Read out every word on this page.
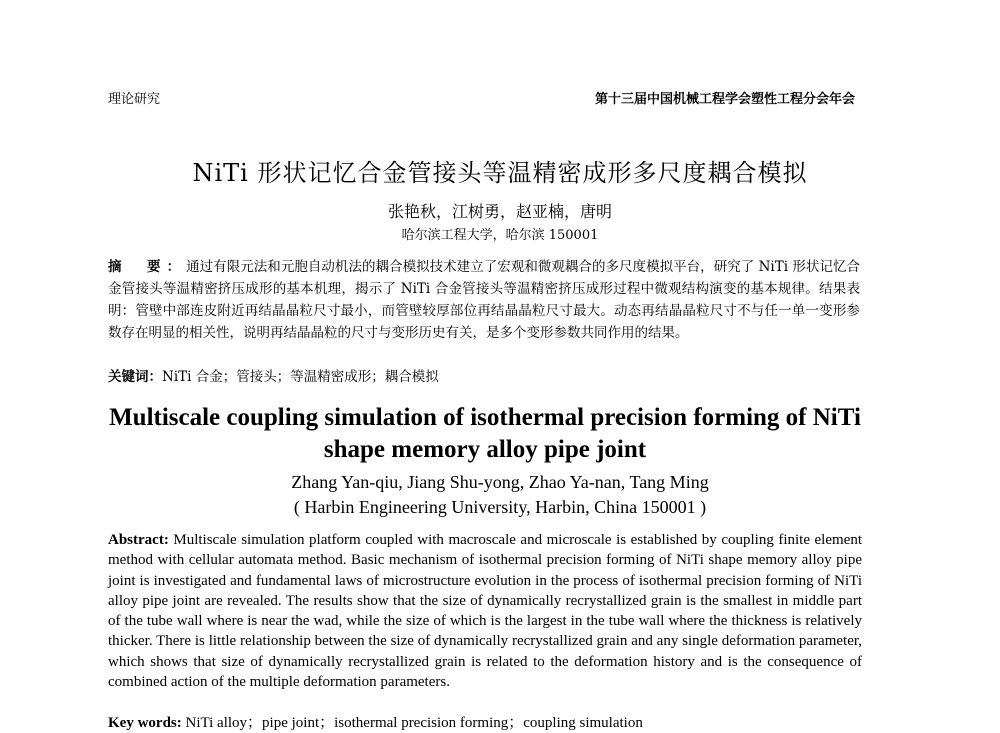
理论研究	第十三届中国机械工程学会塑性工程分会年会
NiTi 形状记忆合金管接头等温精密成形多尺度耦合模拟
张艳秋，江树勇，赵亚楠，唐明
哈尔滨工程大学，哈尔滨 150001
摘　要：通过有限元法和元胞自动机法的耦合模拟技术建立了宏观和微观耦合的多尺度模拟平台，研究了 NiTi 形状记忆合金管接头等温精密挤压成形的基本机理，揭示了 NiTi 合金管接头等温精密挤压成形过程中微观结构演变的基本规律。结果表明：管壁中部连皮附近再结晶晶粒尺寸最小，而管壁较厚部位再结晶晶粒尺寸最大。动态再结晶晶粒尺寸不与任一单一变形参数存在明显的相关性，说明再结晶晶粒的尺寸与变形历史有关，是多个变形参数共同作用的结果。
关键词：NiTi 合金；管接头；等温精密成形；耦合模拟
Multiscale coupling simulation of isothermal precision forming of NiTi shape memory alloy pipe joint
Zhang Yan-qiu, Jiang Shu-yong, Zhao Ya-nan, Tang Ming
( Harbin Engineering University, Harbin, China 150001 )
Abstract: Multiscale simulation platform coupled with macroscale and microscale is established by coupling finite element method with cellular automata method. Basic mechanism of isothermal precision forming of NiTi shape memory alloy pipe joint is investigated and fundamental laws of microstructure evolution in the process of isothermal precision forming of NiTi alloy pipe joint are revealed. The results show that the size of dynamically recrystallized grain is the smallest in middle part of the tube wall where is near the wad, while the size of which is the largest in the tube wall where the thickness is relatively thicker. There is little relationship between the size of dynamically recrystallized grain and any single deformation parameter, which shows that size of dynamically recrystallized grain is related to the deformation history and is the consequence of combined action of the multiple deformation parameters.
Key words: NiTi alloy；pipe joint；isothermal precision forming；coupling simulation
